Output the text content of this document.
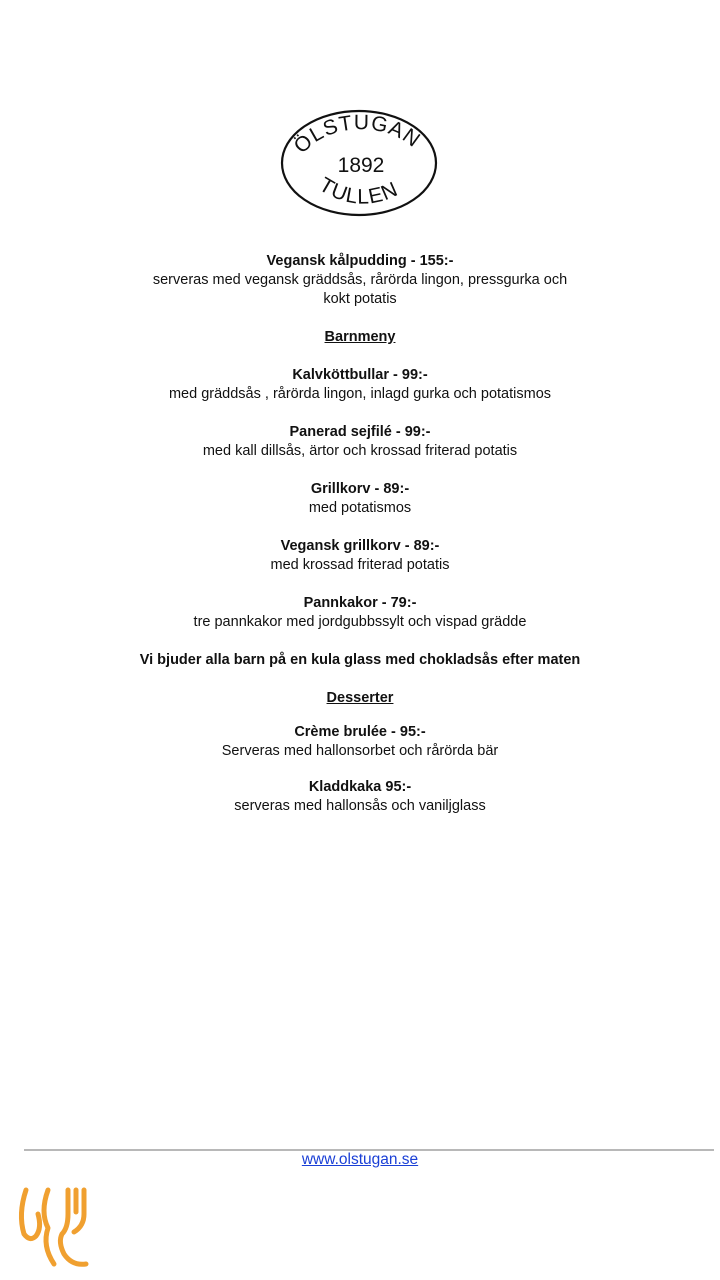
ÖLSTUGAN
1892
TULLEN

Vegansk kålpudding - 155:-

serveras med vegansk gräddsås, rårörda lingon, pressgurka och kokt potatis

Barnmeny

Kalvköttbullar - 99:-

med gräddsås , rårörda lingon, inlagd gurka och potatismos

Panerad sejfilé - 99:-

med kall dillsås, ärtor och krossad friterad potatis

Grillkorv - 89:-

med potatismos

Vegansk grillkorv - 89:-

med krossad friterad potatis

Pannkakor - 79:-

tre pannkakor med jordgubbssylt och vispad grädde

Vi bjuder alla barn på en kula glass med chokladsås efter maten

Desserter

Crème brulée - 95:-

Serveras med hallonsorbet och rårörda bär

Kladdkaka 95:-

serveras med hallonsås och vaniljglass

www.olstugan.se
